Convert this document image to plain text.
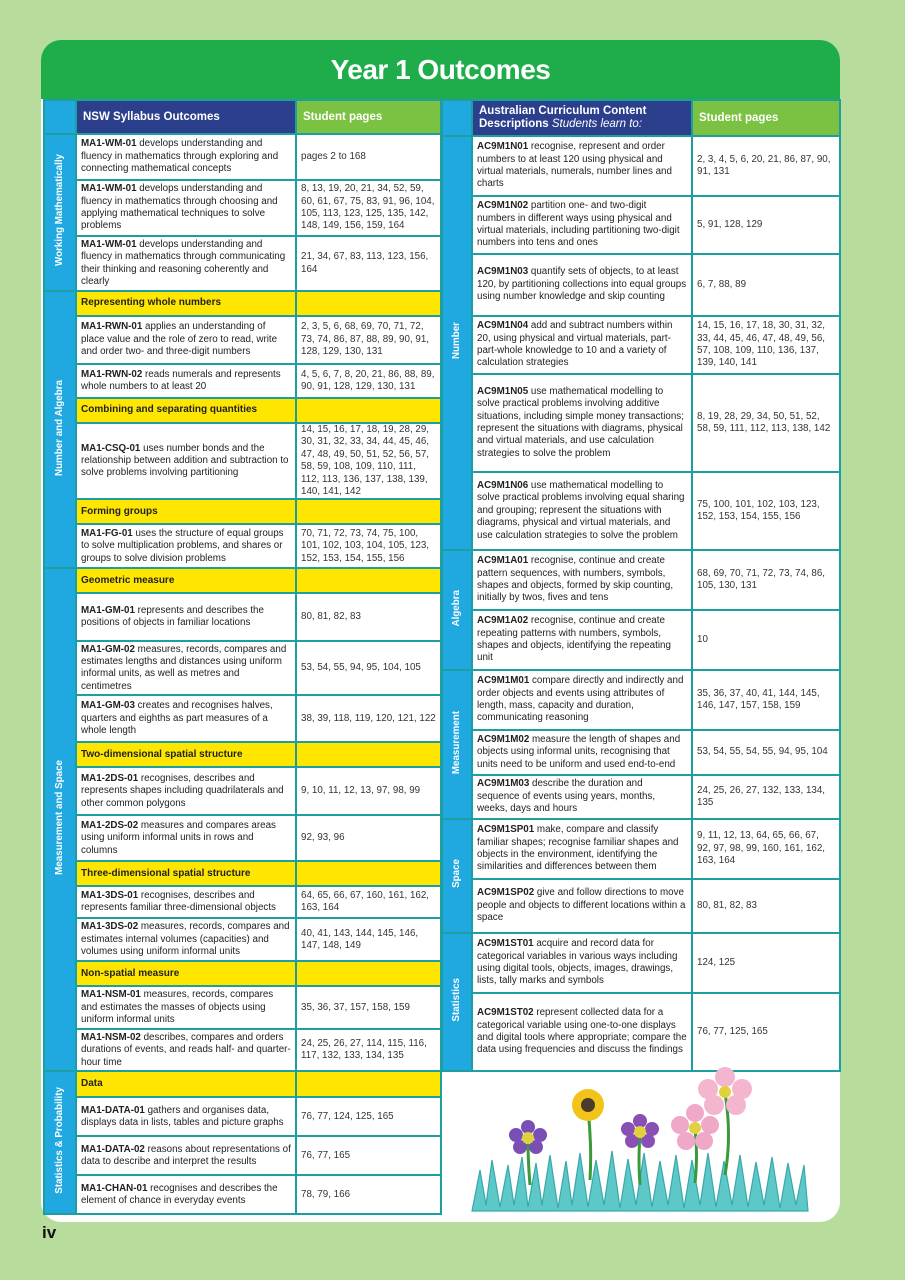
Year 1 Outcomes
	NSW Syllabus Outcomes	Student pages
Working Mathematically	MA1-WM-01 develops understanding and fluency in mathematics through exploring and connecting mathematical concepts	pages 2 to 168
	MA1-WM-01 develops understanding and fluency in mathematics through choosing and applying mathematical techniques to solve problems	8, 13, 19, 20, 21, 34, 52, 59, 60, 61, 67, 75, 83, 91, 96, 104, 105, 113, 123, 125, 135, 142, 148, 149, 156, 159, 164
	MA1-WM-01 develops understanding and fluency in mathematics through communicating their thinking and reasoning coherently and clearly	21, 34, 67, 83, 113, 123, 156, 164
Number and Algebra	Representing whole numbers	
	MA1-RWN-01 applies an understanding of place value and the role of zero to read, write and order two- and three-digit numbers	2, 3, 5, 6, 68, 69, 70, 71, 72, 73, 74, 86, 87, 88, 89, 90, 91, 128, 129, 130, 131
	MA1-RWN-02 reads numerals and represents whole numbers to at least 20	4, 5, 6, 7, 8, 20, 21, 86, 88, 89, 90, 91, 128, 129, 130, 131
	Combining and separating quantities	
	MA1-CSQ-01 uses number bonds and the relationship between addition and subtraction to solve problems involving partitioning	14, 15, 16, 17, 18, 19, 28, 29, 30, 31, 32, 33, 34, 44, 45, 46, 47, 48, 49, 50, 51, 52, 56, 57, 58, 59, 108, 109, 110, 111, 112, 113, 136, 137, 138, 139, 140, 141, 142
	Forming groups	
	MA1-FG-01 uses the structure of equal groups to solve multiplication problems, and shares or groups to solve division problems	70, 71, 72, 73, 74, 75, 100, 101, 102, 103, 104, 105, 123, 152, 153, 154, 155, 156
Measurement and Space	Geometric measure	
	MA1-GM-01 represents and describes the positions of objects in familiar locations	80, 81, 82, 83
	MA1-GM-02 measures, records, compares and estimates lengths and distances using uniform informal units, as well as metres and centimetres	53, 54, 55, 94, 95, 104, 105
	MA1-GM-03 creates and recognises halves, quarters and eighths as part measures of a whole length	38, 39, 118, 119, 120, 121, 122
	Two-dimensional spatial structure	
	MA1-2DS-01 recognises, describes and represents shapes including quadrilaterals and other common polygons	9, 10, 11, 12, 13, 97, 98, 99
	MA1-2DS-02 measures and compares areas using uniform informal units in rows and columns	92, 93, 96
	Three-dimensional spatial structure	
	MA1-3DS-01 recognises, describes and represents familiar three-dimensional objects	64, 65, 66, 67, 160, 161, 162, 163, 164
	MA1-3DS-02 measures, records, compares and estimates internal volumes (capacities) and volumes using uniform informal units	40, 41, 143, 144, 145, 146, 147, 148, 149
	Non-spatial measure	
	MA1-NSM-01 measures, records, compares and estimates the masses of objects using uniform informal units	35, 36, 37, 157, 158, 159
	MA1-NSM-02 describes, compares and orders durations of events, and reads half- and quarter-hour time	24, 25, 26, 27, 114, 115, 116, 117, 132, 133, 134, 135
Statistics & Probability	Data	
	MA1-DATA-01 gathers and organises data, displays data in lists, tables and picture graphs	76, 77, 124, 125, 165
	MA1-DATA-02 reasons about representations of data to describe and interpret the results	76, 77, 165
	MA1-CHAN-01 recognises and describes the element of chance in everyday events	78, 79, 166
	Australian Curriculum Content Descriptions Students learn to:	Student pages
Number	AC9M1N01 recognise, represent and order numbers to at least 120 using physical and virtual materials, numerals, number lines and charts	2, 3, 4, 5, 6, 20, 21, 86, 87, 90, 91, 131
	AC9M1N02 partition one- and two-digit numbers in different ways using physical and virtual materials, including partitioning two-digit numbers into tens and ones	5, 91, 128, 129
	AC9M1N03 quantify sets of objects, to at least 120, by partitioning collections into equal groups using number knowledge and skip counting	6, 7, 88, 89
	AC9M1N04 add and subtract numbers within 20, using physical and virtual materials, part-part-whole knowledge to 10 and a variety of calculation strategies	14, 15, 16, 17, 18, 30, 31, 32, 33, 44, 45, 46, 47, 48, 49, 56, 57, 108, 109, 110, 136, 137, 139, 140, 141
	AC9M1N05 use mathematical modelling to solve practical problems involving additive situations, including simple money transactions; represent the situations with diagrams, physical and virtual materials, and use calculation strategies to solve the problem	8, 19, 28, 29, 34, 50, 51, 52, 58, 59, 111, 112, 113, 138, 142
	AC9M1N06 use mathematical modelling to solve practical problems involving equal sharing and grouping; represent the situations with diagrams, physical and virtual materials, and use calculation strategies to solve the problem	75, 100, 101, 102, 103, 123, 152, 153, 154, 155, 156
Algebra	AC9M1A01 recognise, continue and create pattern sequences, with numbers, symbols, shapes and objects, formed by skip counting, initially by twos, fives and tens	68, 69, 70, 71, 72, 73, 74, 86, 105, 130, 131
	AC9M1A02 recognise, continue and create repeating patterns with numbers, symbols, shapes and objects, identifying the repeating unit	10
Measurement	AC9M1M01 compare directly and indirectly and order objects and events using attributes of length, mass, capacity and duration, communicating reasoning	35, 36, 37, 40, 41, 144, 145, 146, 147, 157, 158, 159
	AC9M1M02 measure the length of shapes and objects using informal units, recognising that units need to be uniform and used end-to-end	53, 54, 55, 54, 55, 94, 95, 104
	AC9M1M03 describe the duration and sequence of events using years, months, weeks, days and hours	24, 25, 26, 27, 132, 133, 134, 135
Space	AC9M1SP01 make, compare and classify familiar shapes; recognise familiar shapes and objects in the environment, identifying the similarities and differences between them	9, 11, 12, 13, 64, 65, 66, 67, 92, 97, 98, 99, 160, 161, 162, 163, 164
	AC9M1SP02 give and follow directions to move people and objects to different locations within a space	80, 81, 82, 83
Statistics	AC9M1ST01 acquire and record data for categorical variables in various ways including using digital tools, objects, images, drawings, lists, tally marks and symbols	124, 125
	AC9M1ST02 represent collected data for a categorical variable using one-to-one displays and digital tools where appropriate; compare the data using frequencies and discuss the findings	76, 77, 125, 165
iv
